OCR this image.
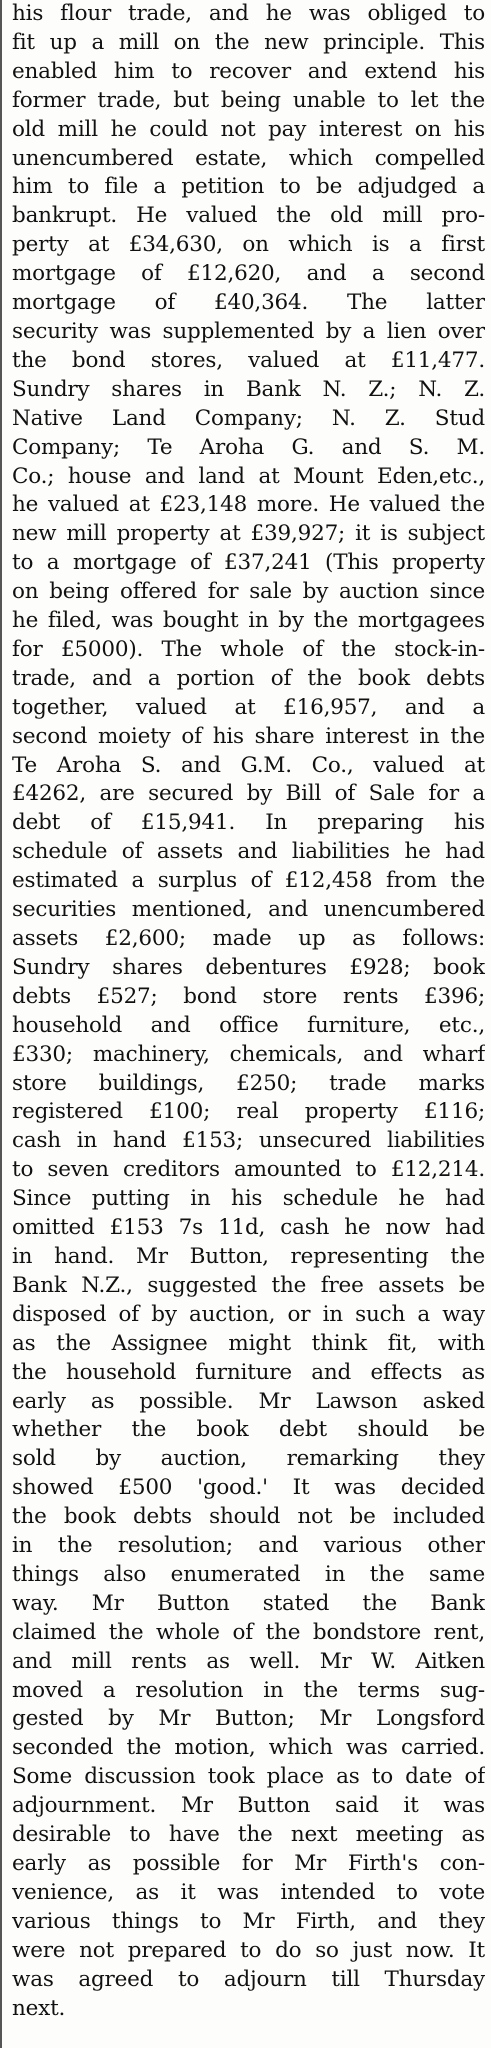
his flour trade, and he was obliged to
fit up a mill on the new principle. This
enabled him to recover and extend his
former trade, but being unable to let the
old mill he could not pay interest on his
unencumbered estate, which compelled
him to file a petition to be adjudged a
bankrupt. He valued the old mill pro-
perty at £34,630, on which is a first
mortgage of £12,620, and a second
mortgage of £40,364. The latter
security was supplemented by a lien over
the bond stores, valued at £11,477.
Sundry shares in Bank N. Z.; N. Z.
Native Land Company; N. Z. Stud
Company; Te Aroha G. and S. M.
Co.; house and land at Mount Eden,etc.,
he valued at £23,148 more. He valued the
new mill property at £39,927; it is subject
to a mortgage of £37,241 (This property
on being offered for sale by auction since
he filed, was bought in by the mortgagees
for £5000). The whole of the stock-in-
trade, and a portion of the book debts
together, valued at £16,957, and a
second moiety of his share interest in the
Te Aroha S. and G.M. Co., valued at
£4262, are secured by Bill of Sale for a
debt of £15,941. In preparing his
schedule of assets and liabilities he had
estimated a surplus of £12,458 from the
securities mentioned, and unencumbered
assets £2,600; made up as follows:
Sundry shares debentures £928; book
debts £527; bond store rents £396;
household and office furniture, etc.,
£330; machinery, chemicals, and wharf
store buildings, £250; trade marks
registered £100; real property £116;
cash in hand £153; unsecured liabilities
to seven creditors amounted to £12,214.
Since putting in his schedule he had
omitted £153 7s 11d, cash he now had
in hand. Mr Button, representing the
Bank N.Z., suggested the free assets be
disposed of by auction, or in such a way
as the Assignee might think fit, with
the household furniture and effects as
early as possible. Mr Lawson asked
whether the book debt should be
sold by auction, remarking they
showed £500 'good.' It was decided
the book debts should not be included
in the resolution; and various other
things also enumerated in the same
way. Mr Button stated the Bank
claimed the whole of the bondstore rent,
and mill rents as well. Mr W. Aitken
moved a resolution in the terms sug-
gested by Mr Button; Mr Longsford
seconded the motion, which was carried.
Some discussion took place as to date of
adjournment. Mr Button said it was
desirable to have the next meeting as
early as possible for Mr Firth's con-
venience, as it was intended to vote
various things to Mr Firth, and they
were not prepared to do so just now. It
was agreed to adjourn till Thursday
next.
